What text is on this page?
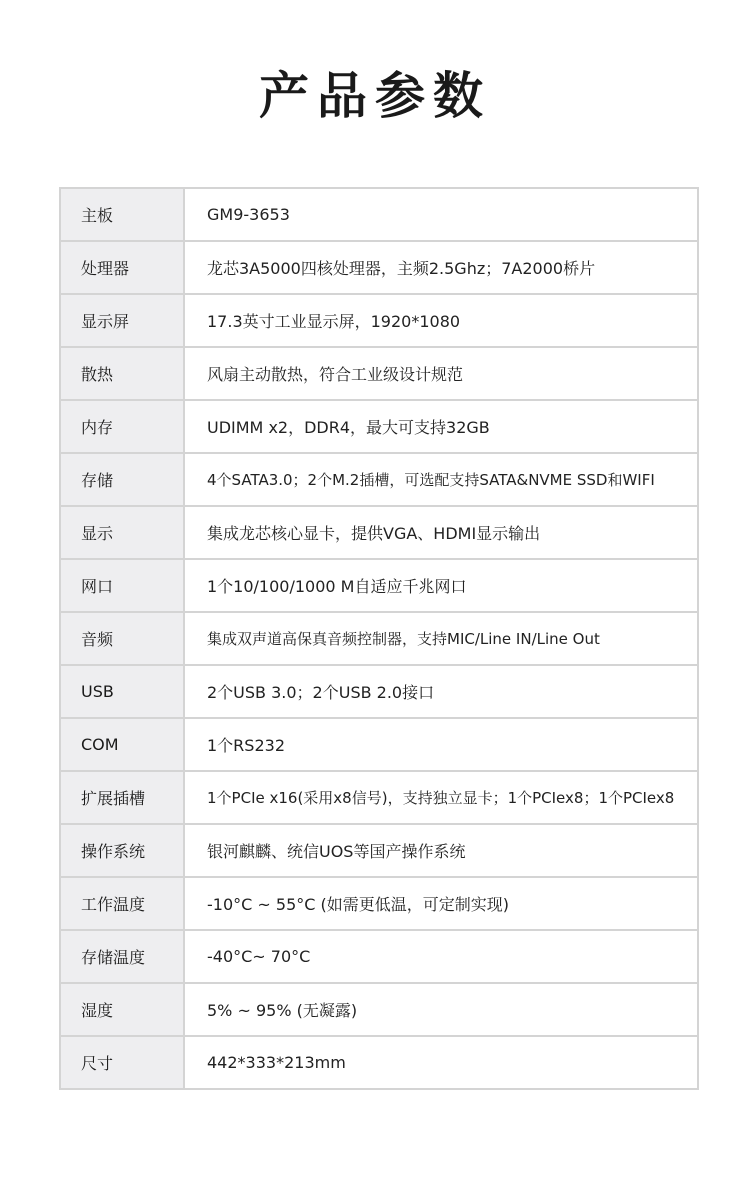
产品参数
主板	GM9-3653
处理器	龙芯3A5000四核处理器，主频2.5Ghz；7A2000桥片
显示屏	17.3英寸工业显示屏，1920*1080
散热	风扇主动散热，符合工业级设计规范
内存	UDIMM x2，DDR4，最大可支持32GB
存储	4个SATA3.0；2个M.2插槽，可选配支持SATA&NVME SSD和WIFI
显示	集成龙芯核心显卡，提供VGA、HDMI显示输出
网口	1个10/100/1000 M自适应千兆网口
音频	集成双声道高保真音频控制器，支持MIC/Line IN/Line Out
USB	2个USB 3.0；2个USB 2.0接口
COM	1个RS232
扩展插槽	1个PCIe x16(采用x8信号)，支持独立显卡；1个PCIex8；1个PCIex8
操作系统	银河麒麟、统信UOS等国产操作系统
工作温度	-10°C ~ 55°C (如需更低温，可定制实现)
存储温度	-40°C~ 70°C
湿度	5% ~ 95% (无凝露)
尺寸	442*333*213mm
